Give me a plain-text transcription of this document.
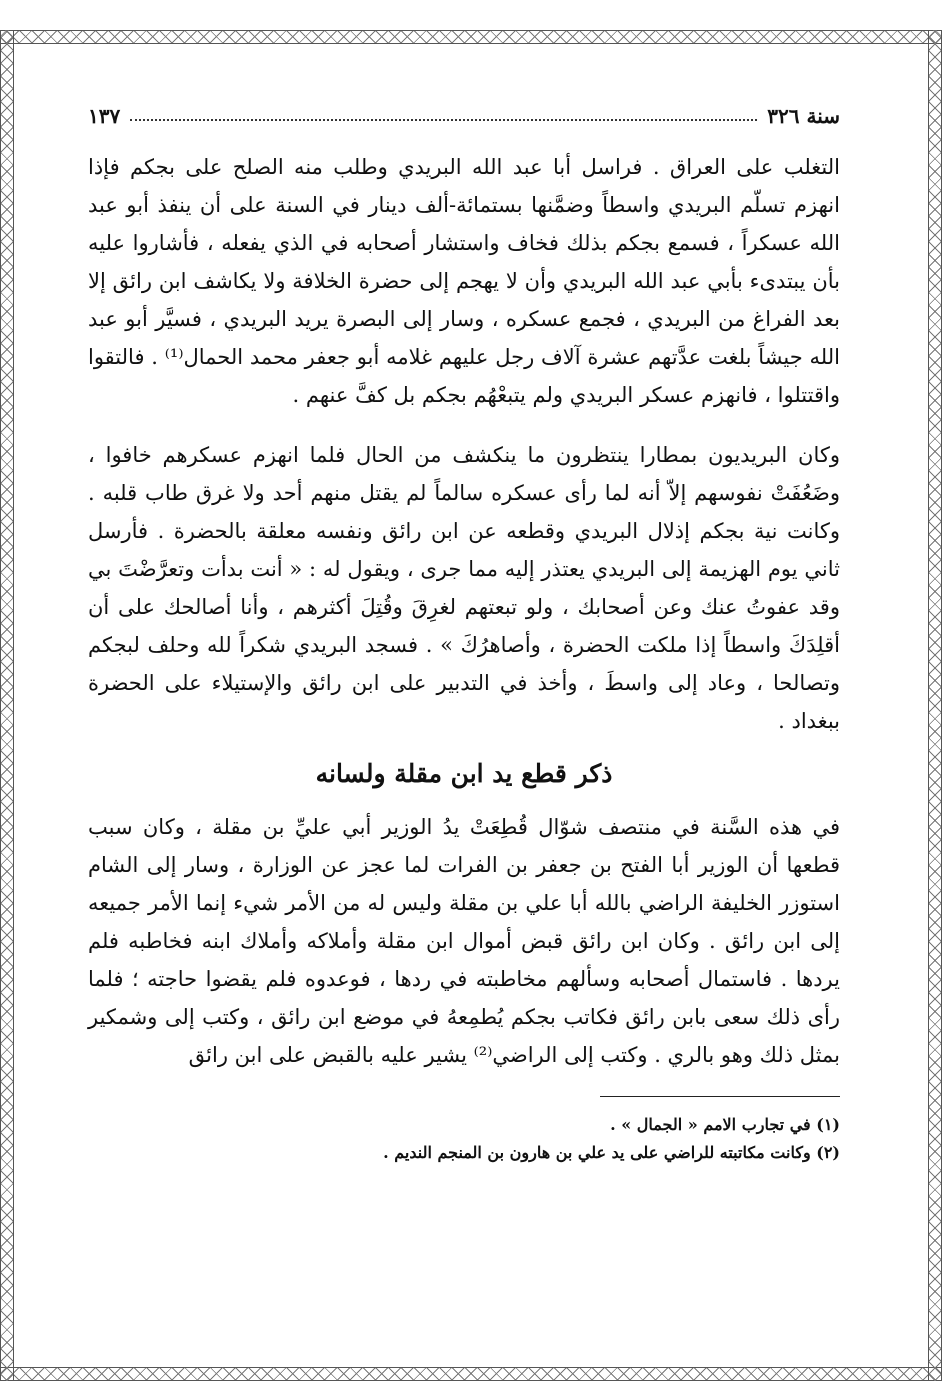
سنة ٣٢٦
١٣٧

التغلب على العراق . فراسل أبا عبد الله البريدي وطلب منه الصلح على بجكم فإذا انهزم تسلّم البريدي واسطاً وضمَّنها بستمائة-ألف دينار في السنة على أن ينفذ أبو عبد الله عسكراً ، فسمع بجكم بذلك فخاف واستشار أصحابه في الذي يفعله ، فأشاروا عليه بأن يبتدىء بأبي عبد الله البريدي وأن لا يهجم إلى حضرة الخلافة ولا يكاشف ابن رائق إلا بعد الفراغ من البريدي ، فجمع عسكره ، وسار إلى البصرة يريد البريدي ، فسيَّر أبو عبد الله جيشاً بلغت عدَّتهم عشرة آلاف رجل عليهم غلامه أبو جعفر محمد الحمال⁽¹⁾ . فالتقوا واقتتلوا ، فانهزم عسكر البريدي ولم يتبعْهُم بجكم بل كفَّ عنهم .

وكان البريديون بمطارا ينتظرون ما ينكشف من الحال فلما انهزم عسكرهم خافوا ، وضَعُفَتْ نفوسهم إلاّ أنه لما رأى عسكره سالماً لم يقتل منهم أحد ولا غرق طاب قلبه . وكانت نية بجكم إذلال البريدي وقطعه عن ابن رائق ونفسه معلقة بالحضرة . فأرسل ثاني يوم الهزيمة إلى البريدي يعتذر إليه مما جرى ، ويقول له : « أنت بدأت وتعرَّضْتَ بي وقد عفوتُ عنك وعن أصحابك ، ولو تبعتهم لغرِقَ وقُتِلَ أكثرهم ، وأنا أصالحك على أن أقلِدَكَ واسطاً إذا ملكت الحضرة ، وأصاهرُكَ » . فسجد البريدي شكراً لله وحلف لبجكم وتصالحا ، وعاد إلى واسطَ ، وأخذ في التدبير على ابن رائق والإستيلاء على الحضرة ببغداد .

ذكر قطع يد ابن مقلة ولسانه

في هذه السَّنة في منتصف شوّال قُطِعَتْ يدُ الوزير أبي عليِّ بن مقلة ، وكان سبب قطعها أن الوزير أبا الفتح بن جعفر بن الفرات لما عجز عن الوزارة ، وسار إلى الشام استوزر الخليفة الراضي بالله أبا علي بن مقلة وليس له من الأمر شيء إنما الأمر جميعه إلى ابن رائق . وكان ابن رائق قبض أموال ابن مقلة وأملاكه وأملاك ابنه فخاطبه فلم يردها . فاستمال أصحابه وسألهم مخاطبته في ردها ، فوعدوه فلم يقضوا حاجته ؛ فلما رأى ذلك سعى بابن رائق فكاتب بجكم يُطمِعهُ في موضع ابن رائق ، وكتب إلى وشمكير بمثل ذلك وهو بالري . وكتب إلى الراضي⁽²⁾ يشير عليه بالقبض على ابن رائق

(١) في تجارب الامم « الجمال » .

(٢) وكانت مكاتبته للراضي على يد علي بن هارون بن المنجم النديم .
